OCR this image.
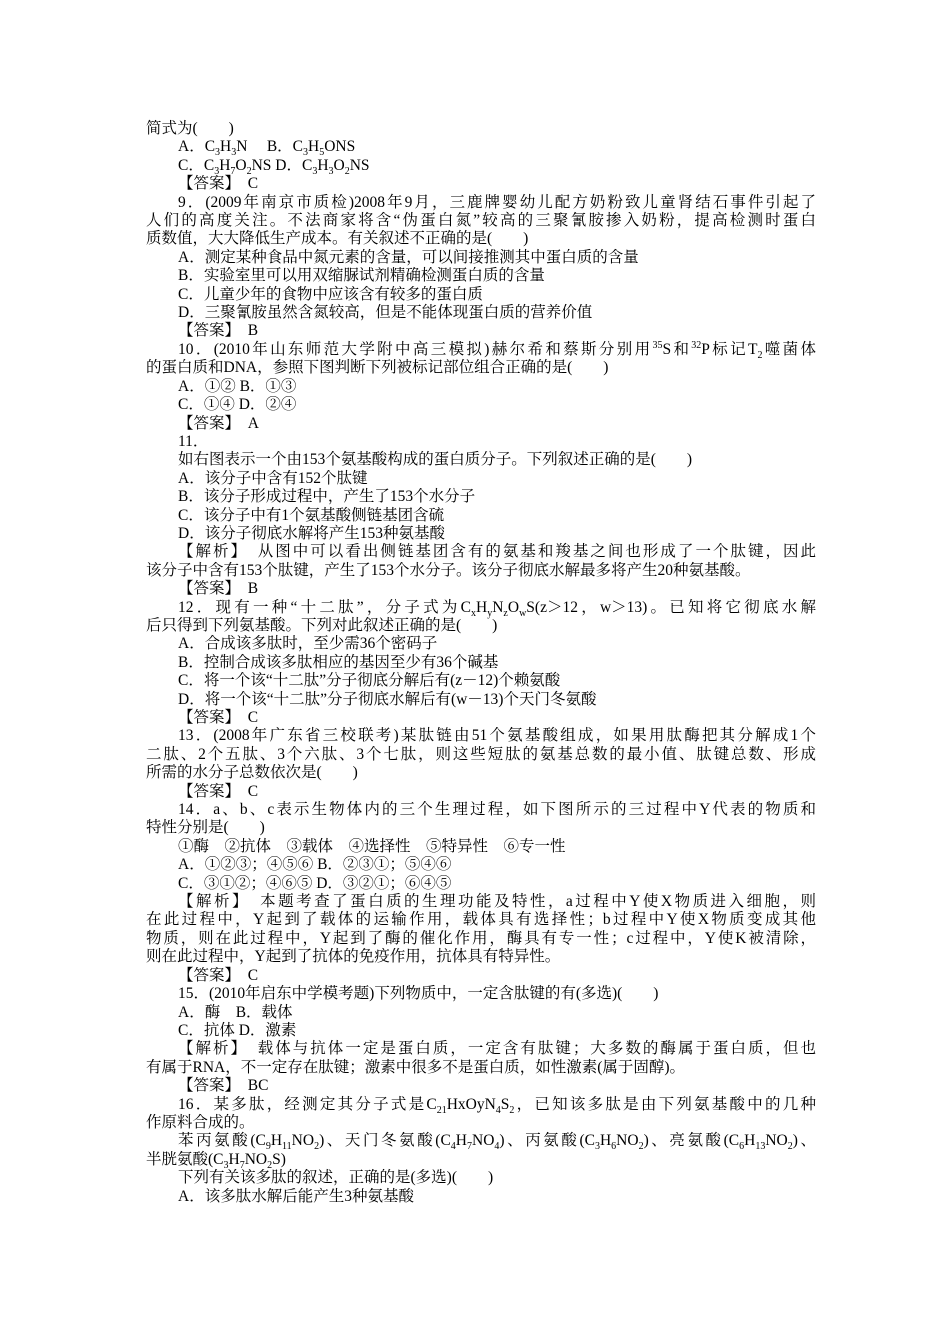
简式为(　　)
A．$C_3H_3N$　 B．$C_3H_5ONS$
C．$C_3H_7O_2NS$ D．$C_3H_3O_2NS$
【答案】　C
9．(2009年南京市质检)2008年9月，三鹿牌婴幼儿配方奶粉致儿童肾结石事件引起了
人们的高度关注。不法商家将含“伪蛋白氮”较高的三聚氰胺掺入奶粉，提高检测时蛋白
质数值，大大降低生产成本。有关叙述不正确的是(　　)
A．测定某种食品中氮元素的含量，可以间接推测其中蛋白质的含量
B．实验室里可以用双缩脲试剂精确检测蛋白质的含量
C．儿童少年的食物中应该含有较多的蛋白质
D．三聚氰胺虽然含氮较高，但是不能体现蛋白质的营养价值
【答案】　B
10．(2010年山东师范大学附中高三模拟)赫尔希和蔡斯分别用$^{35}$S和$^{32}$P标记$T_2$噬菌体
的蛋白质和DNA，参照下图判断下列被标记部位组合正确的是(　　)
A．①② B．①③
C．①④ D．②④
【答案】　A
11．
如右图表示一个由153个氨基酸构成的蛋白质分子。下列叙述正确的是(　　)
A．该分子中含有152个肽键
B．该分子形成过程中，产生了153个水分子
C．该分子中有1个氨基酸侧链基团含硫
D．该分子彻底水解将产生153种氨基酸
【解析】　从图中可以看出侧链基团含有的氨基和羧基之间也形成了一个肽键，因此
该分子中含有153个肽键，产生了153个水分子。该分子彻底水解最多将产生20种氨基酸。
【答案】　B
12．现有一种“十二肽”，分子式为$C_xH_yN_zO_wS(z>12$，w＞13)。已知将它彻底水解
后只得到下列氨基酸。下列对此叙述正确的是(　　)
A．合成该多肽时，至少需36个密码子
B．控制合成该多肽相应的基因至少有36个碱基
C．将一个该“十二肽”分子彻底分解后有(z－12)个赖氨酸
D．将一个该“十二肽”分子彻底水解后有(w－13)个天门冬氨酸
【答案】　C
13．(2008年广东省三校联考)某肽链由51个氨基酸组成，如果用肽酶把其分解成1个
二肽、2个五肽、3个六肽、3个七肽，则这些短肽的氨基总数的最小值、肽键总数、形成
所需的水分子总数依次是(　　)
【答案】　C
14．a、b、c表示生物体内的三个生理过程，如下图所示的三过程中Y代表的物质和
特性分别是(　　)
①酶　②抗体　③载体　④选择性　⑤特异性　⑥专一性
A．①②③；④⑤⑥ B．②③①；⑤④⑥
C．③①②；④⑥⑤ D．③②①；⑥④⑤
【解析】　本题考查了蛋白质的生理功能及特性，a过程中Y使X物质进入细胞，则
在此过程中，Y起到了载体的运输作用，载体具有选择性；b过程中Y使X物质变成其他
物质，则在此过程中，Y起到了酶的催化作用，酶具有专一性；c过程中，Y使K被清除，
则在此过程中，Y起到了抗体的免疫作用，抗体具有特异性。
【答案】　C
15．(2010年启东中学模考题)下列物质中，一定含肽键的有(多选)(　　)
A．酶　B．载体
C．抗体 D．激素
【解析】　载体与抗体一定是蛋白质，一定含有肽键；大多数的酶属于蛋白质，但也
有属于RNA，不一定存在肽键；激素中很多不是蛋白质，如性激素(属于固醇)。
【答案】　BC
16．某多肽，经测定其分子式是$C_{21}HxOyN_4S_2$，已知该多肽是由下列氨基酸中的几种
作原料合成的。
苯丙氨酸$(C_9H_{11}NO_2)$、天门冬氨酸$(C_4H_7NO_4)$、丙氨酸$(C_3H_6NO_2)$、亮氨酸$(C_6H_{13}NO_2)$、
半胱氨酸$(C_3H_7NO_2S)$
下列有关该多肽的叙述，正确的是(多选)(　　)
A．该多肽水解后能产生3种氨基酸
